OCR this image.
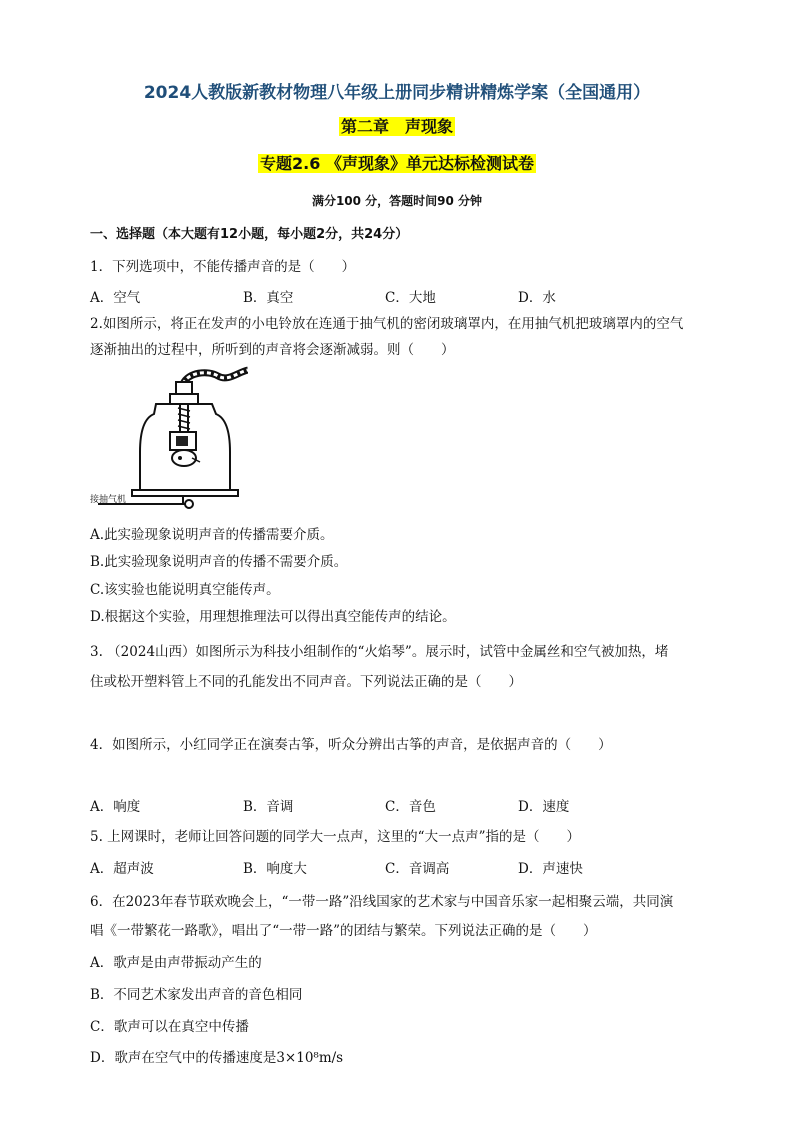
2024人教版新教材物理八年级上册同步精讲精炼学案（全国通用）
第二章　声现象
专题2.6 《声现象》单元达标检测试卷
满分100 分，答题时间90 分钟
一、选择题（本大题有12小题，每小题2分，共24分）
1．下列选项中，不能传播声音的是（　　）
A．空气	B．真空	C．大地	D．水
2.如图所示，将正在发声的小电铃放在连通于抽气机的密闭玻璃罩内，在用抽气机把玻璃罩内的空气
逐渐抽出的过程中，所听到的声音将会逐渐减弱。则（　　）
接抽气机
A.此实验现象说明声音的传播需要介质。
B.此实验现象说明声音的传播不需要介质。
C.该实验也能说明真空能传声。
D.根据这个实验，用理想推理法可以得出真空能传声的结论。
3. （2024山西）如图所示为科技小组制作的“火焰琴”。展示时，试管中金属丝和空气被加热，堵
住或松开塑料管上不同的孔能发出不同声音。下列说法正确的是（　　）
4．如图所示，小红同学正在演奏古筝，听众分辨出古筝的声音，是依据声音的（　　）
A．响度	B．音调	C．音色	D．速度
5. 上网课时，老师让回答问题的同学大一点声，这里的“大一点声”指的是（　　）
A．超声波	B．响度大	C．音调高	D．声速快
6．在2023年春节联欢晚会上，“一带一路”沿线国家的艺术家与中国音乐家一起相聚云端，共同演
唱《一带繁花一路歌》，唱出了“一带一路”的团结与繁荣。下列说法正确的是（　　）
A．歌声是由声带振动产生的
B．不同艺术家发出声音的音色相同
C．歌声可以在真空中传播
D．歌声在空气中的传播速度是3×10⁸m/s
